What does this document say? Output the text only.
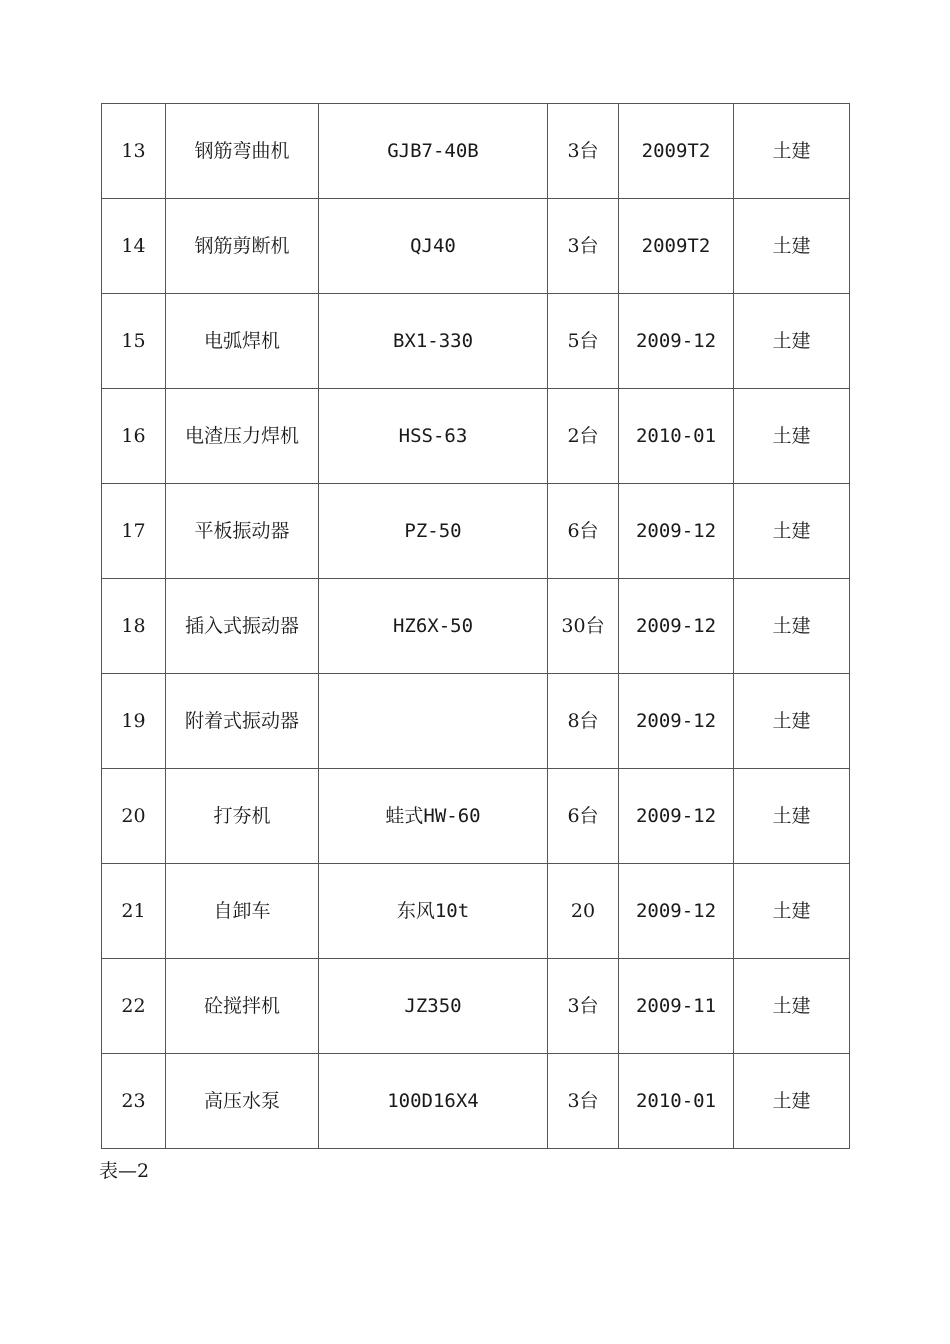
13	钢筋弯曲机	GJB7-40B	3台	2009T2	土建
14	钢筋剪断机	QJ40	3台	2009T2	土建
15	电弧焊机	BX1-330	5台	2009-12	土建
16	电渣压力焊机	HSS-63	2台	2010-01	土建
17	平板振动器	PZ-50	6台	2009-12	土建
18	插入式振动器	HZ6X-50	30台	2009-12	土建
19	附着式振动器		8台	2009-12	土建
20	打夯机	蛙式HW-60	6台	2009-12	土建
21	自卸车	东风10t	20	2009-12	土建
22	砼搅拌机	JZ350	3台	2009-11	土建
23	高压水泵	100D16X4	3台	2010-01	土建
表—2
